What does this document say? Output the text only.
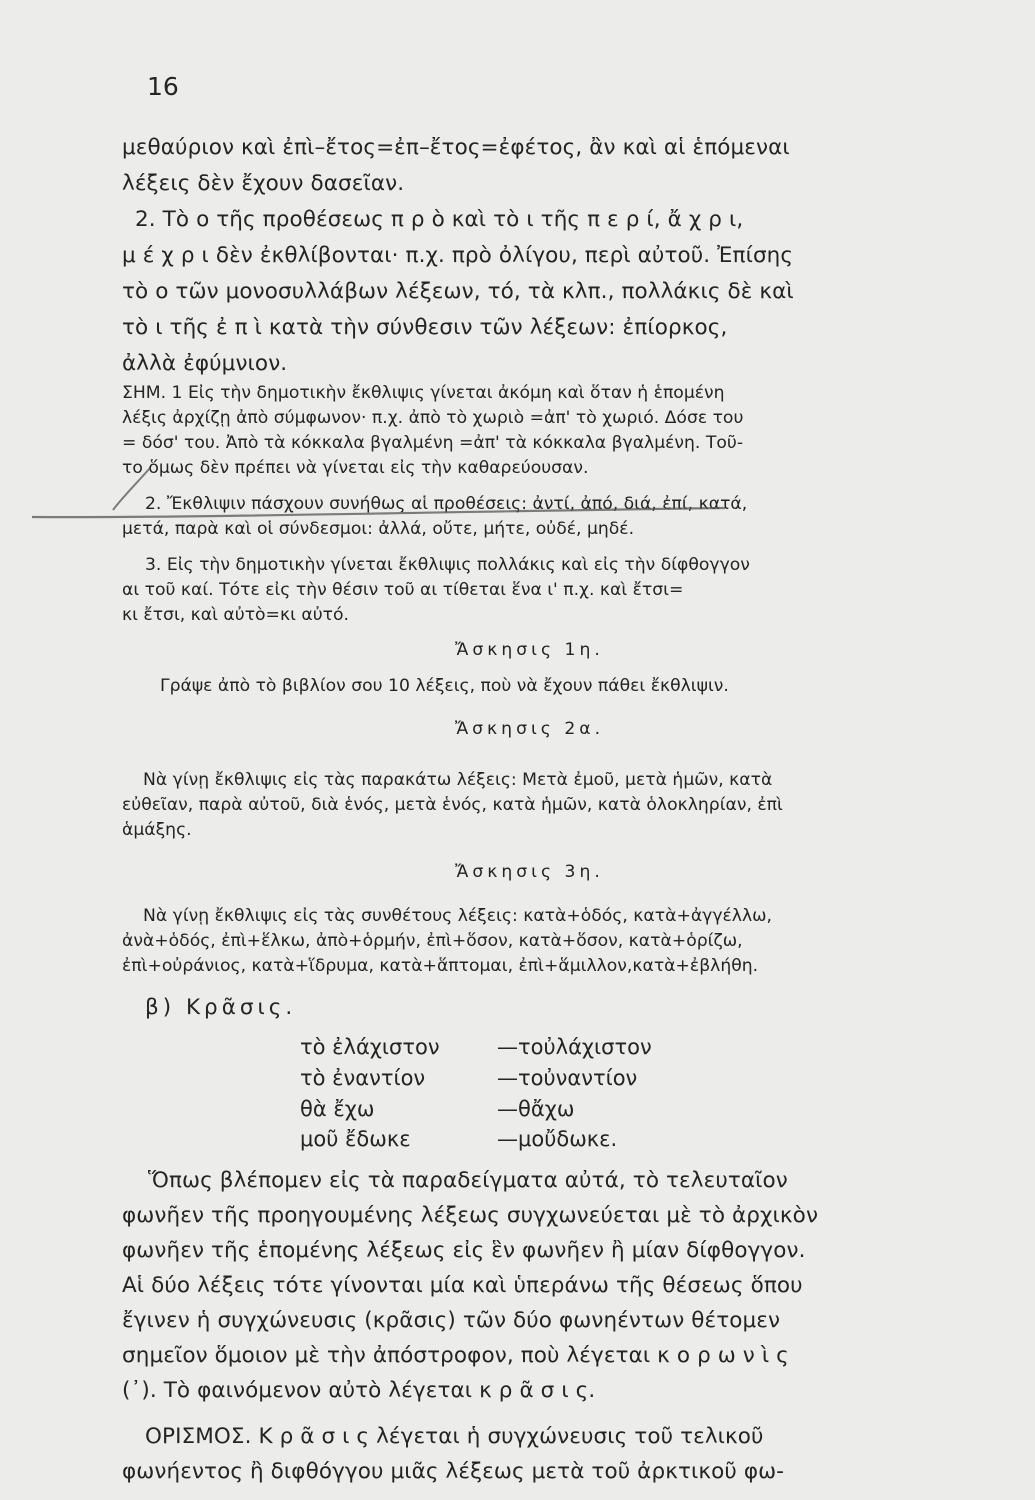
16
μεθαύριον καὶ ἐπὶ–ἔτος=ἐπ–ἔτος=ἐφέτος, ἂν καὶ αἱ ἑπόμεναι
λέξεις δὲν ἔχουν δασεῖαν.
2. Τὸ ο τῆς προθέσεως π ρ ὸ καὶ τὸ ι τῆς π ε ρ ί, ἄ χ ρ ι,
μ έ χ ρ ι δὲν ἐκθλίβονται· π.χ. πρὸ ὀλίγου, περὶ αὐτοῦ. Ἐπίσης
τὸ ο τῶν μονοσυλλάβων λέξεων, τό, τὰ κλπ., πολλάκις δὲ καὶ
τὸ ι τῆς ἐ π ὶ κατὰ τὴν σύνθεσιν τῶν λέξεων: ἐπίορκος,
ἀλλὰ ἐφύμνιον.
ΣΗΜ. 1 Εἰς τὴν δημοτικὴν ἔκθλιψις γίνεται ἀκόμη καὶ ὅταν ἡ ἑπομένη
λέξις ἀρχίζῃ ἀπὸ σύμφωνον· π.χ. ἀπὸ τὸ χωριὸ =ἀπ' τὸ χωριό. Δόσε του
= δόσ' του. Ἀπὸ τὰ κόκκαλα βγαλμένη =ἀπ' τὰ κόκκαλα βγαλμένη. Τοῦ-
το ὅμως δὲν πρέπει νὰ γίνεται εἰς τὴν καθαρεύουσαν.
2. Ἔκθλιψιν πάσχουν συνήθως αἱ προθέσεις: ἀντί, ἀπό, διά, ἐπί, κατά,
μετά, παρὰ καὶ οἱ σύνδεσμοι: ἀλλά, οὔτε, μήτε, οὐδέ, μηδέ.
3. Εἰς τὴν δημοτικὴν γίνεται ἔκθλιψις πολλάκις καὶ εἰς τὴν δίφθογγον
αι τοῦ καί. Τότε εἰς τὴν θέσιν τοῦ αι τίθεται ἕνα ι' π.χ. καὶ ἔτσι=
κι ἔτσι, καὶ αὐτὸ=κι αὐτό.
Ἄσκησις 1η.
Γράψε ἀπὸ τὸ βιβλίον σου 10 λέξεις, ποὺ νὰ ἔχουν πάθει ἔκθλιψιν.
Ἄσκησις 2α.
Νὰ γίνῃ ἔκθλιψις εἰς τὰς παρακάτω λέξεις: Μετὰ ἐμοῦ, μετὰ ἡμῶν, κατὰ
εὐθεῖαν, παρὰ αὐτοῦ, διὰ ἑνός, μετὰ ἑνός, κατὰ ἡμῶν, κατὰ ὁλοκληρίαν, ἐπὶ
ἁμάξης.
Ἄσκησις 3η.
Νὰ γίνῃ ἔκθλιψις εἰς τὰς συνθέτους λέξεις: κατὰ+ὁδός, κατὰ+ἀγγέλλω,
ἀνὰ+ὁδός, ἐπὶ+ἕλκω, ἀπὸ+ὁρμήν, ἐπὶ+ὅσον, κατὰ+ὅσον, κατὰ+ὁρίζω,
ἐπὶ+οὐράνιος, κατὰ+ἵδρυμα, κατὰ+ἅπτομαι, ἐπὶ+ἅμιλλον,κατὰ+ἐβλήθη.
β) Κρᾶσις.
τὸ ἐλάχιστον	—τοὐλάχιστον
τὸ ἐναντίον	—τοὐναντίον
θὰ ἔχω	—θἄχω
μοῦ ἔδωκε	—μοὔδωκε.
Ὅπως βλέπομεν εἰς τὰ παραδείγματα αὐτά, τὸ τελευταῖον
φωνῆεν τῆς προηγουμένης λέξεως συγχωνεύεται μὲ τὸ ἀρχικὸν
φωνῆεν τῆς ἑπομένης λέξεως εἰς ἓν φωνῆεν ἢ μίαν δίφθογγον.
Αἱ δύο λέξεις τότε γίνονται μία καὶ ὑπεράνω τῆς θέσεως ὅπου
ἔγινεν ἡ συγχώνευσις (κρᾶσις) τῶν δύο φωνηέντων θέτομεν
σημεῖον ὅμοιον μὲ τὴν ἀπόστροφον, ποὺ λέγεται κ ο ρ ω ν ὶ ς
(᾽). Τὸ φαινόμενον αὐτὸ λέγεται κ ρ ᾶ σ ι ς.
ΟΡΙΣΜΟΣ. Κ ρ ᾶ σ ι ς λέγεται ἡ συγχώνευσις τοῦ τελικοῦ
φωνήεντος ἢ διφθόγγου μιᾶς λέξεως μετὰ τοῦ ἀρκτικοῦ φω-
